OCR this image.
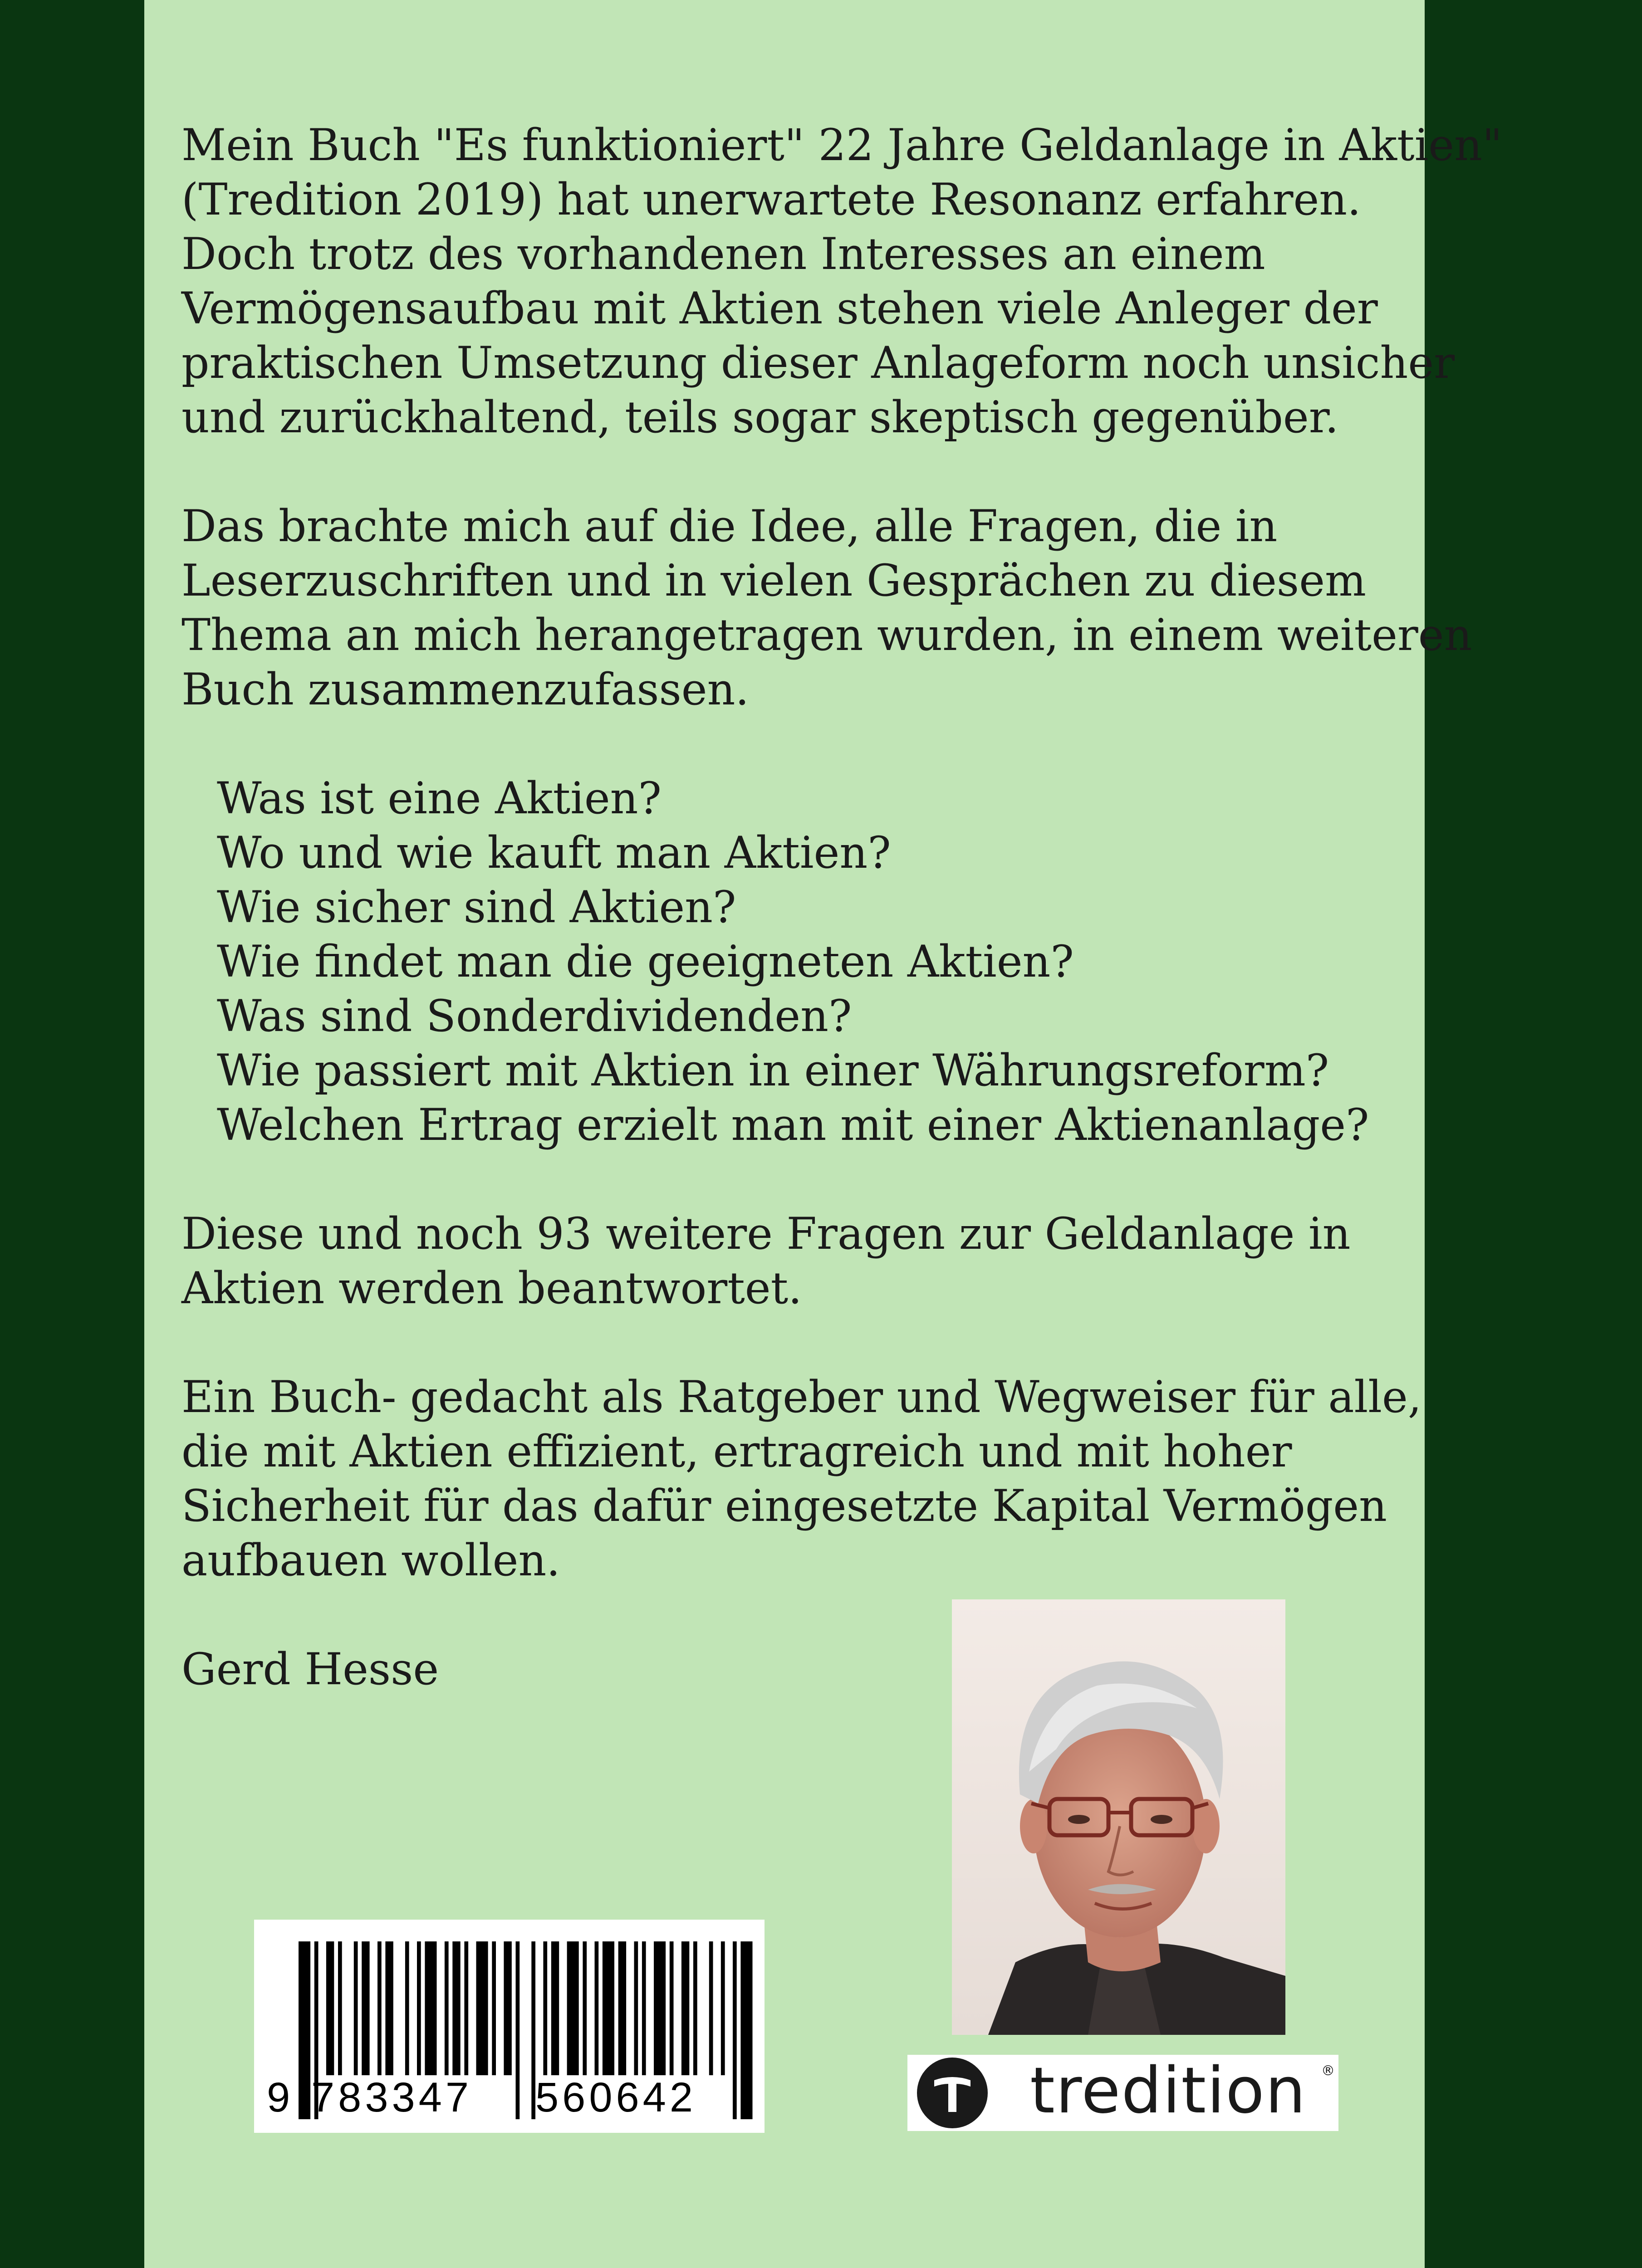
Mein Buch "Es funktioniert" 22 Jahre Geldanlage in Aktien"
(Tredition 2019) hat unerwartete Resonanz erfahren.
Doch trotz des vorhandenen Interesses an einem
Vermögensaufbau mit Aktien stehen viele Anleger der
praktischen Umsetzung dieser Anlageform noch unsicher
und zurückhaltend, teils sogar skeptisch gegenüber.
Das brachte mich auf die Idee, alle Fragen, die in
Leserzuschriften und in vielen Gesprächen zu diesem
Thema an mich herangetragen wurden, in einem weiteren
Buch zusammenzufassen.
Was ist eine Aktien?
Wo und wie kauft man Aktien?
Wie sicher sind Aktien?
Wie findet man die geeigneten Aktien?
Was sind Sonderdividenden?
Wie passiert mit Aktien in einer Währungsreform?
Welchen Ertrag erzielt man mit einer Aktienanlage?
Diese und noch 93 weitere Fragen zur Geldanlage in
Aktien werden beantwortet.
Ein Buch- gedacht als Ratgeber und Wegweiser für alle,
die mit Aktien effizient, ertragreich und mit hoher
Sicherheit für das dafür eingesetzte Kapital Vermögen
aufbauen wollen.
Gerd Hesse
9 783347 560642	tredition ®
